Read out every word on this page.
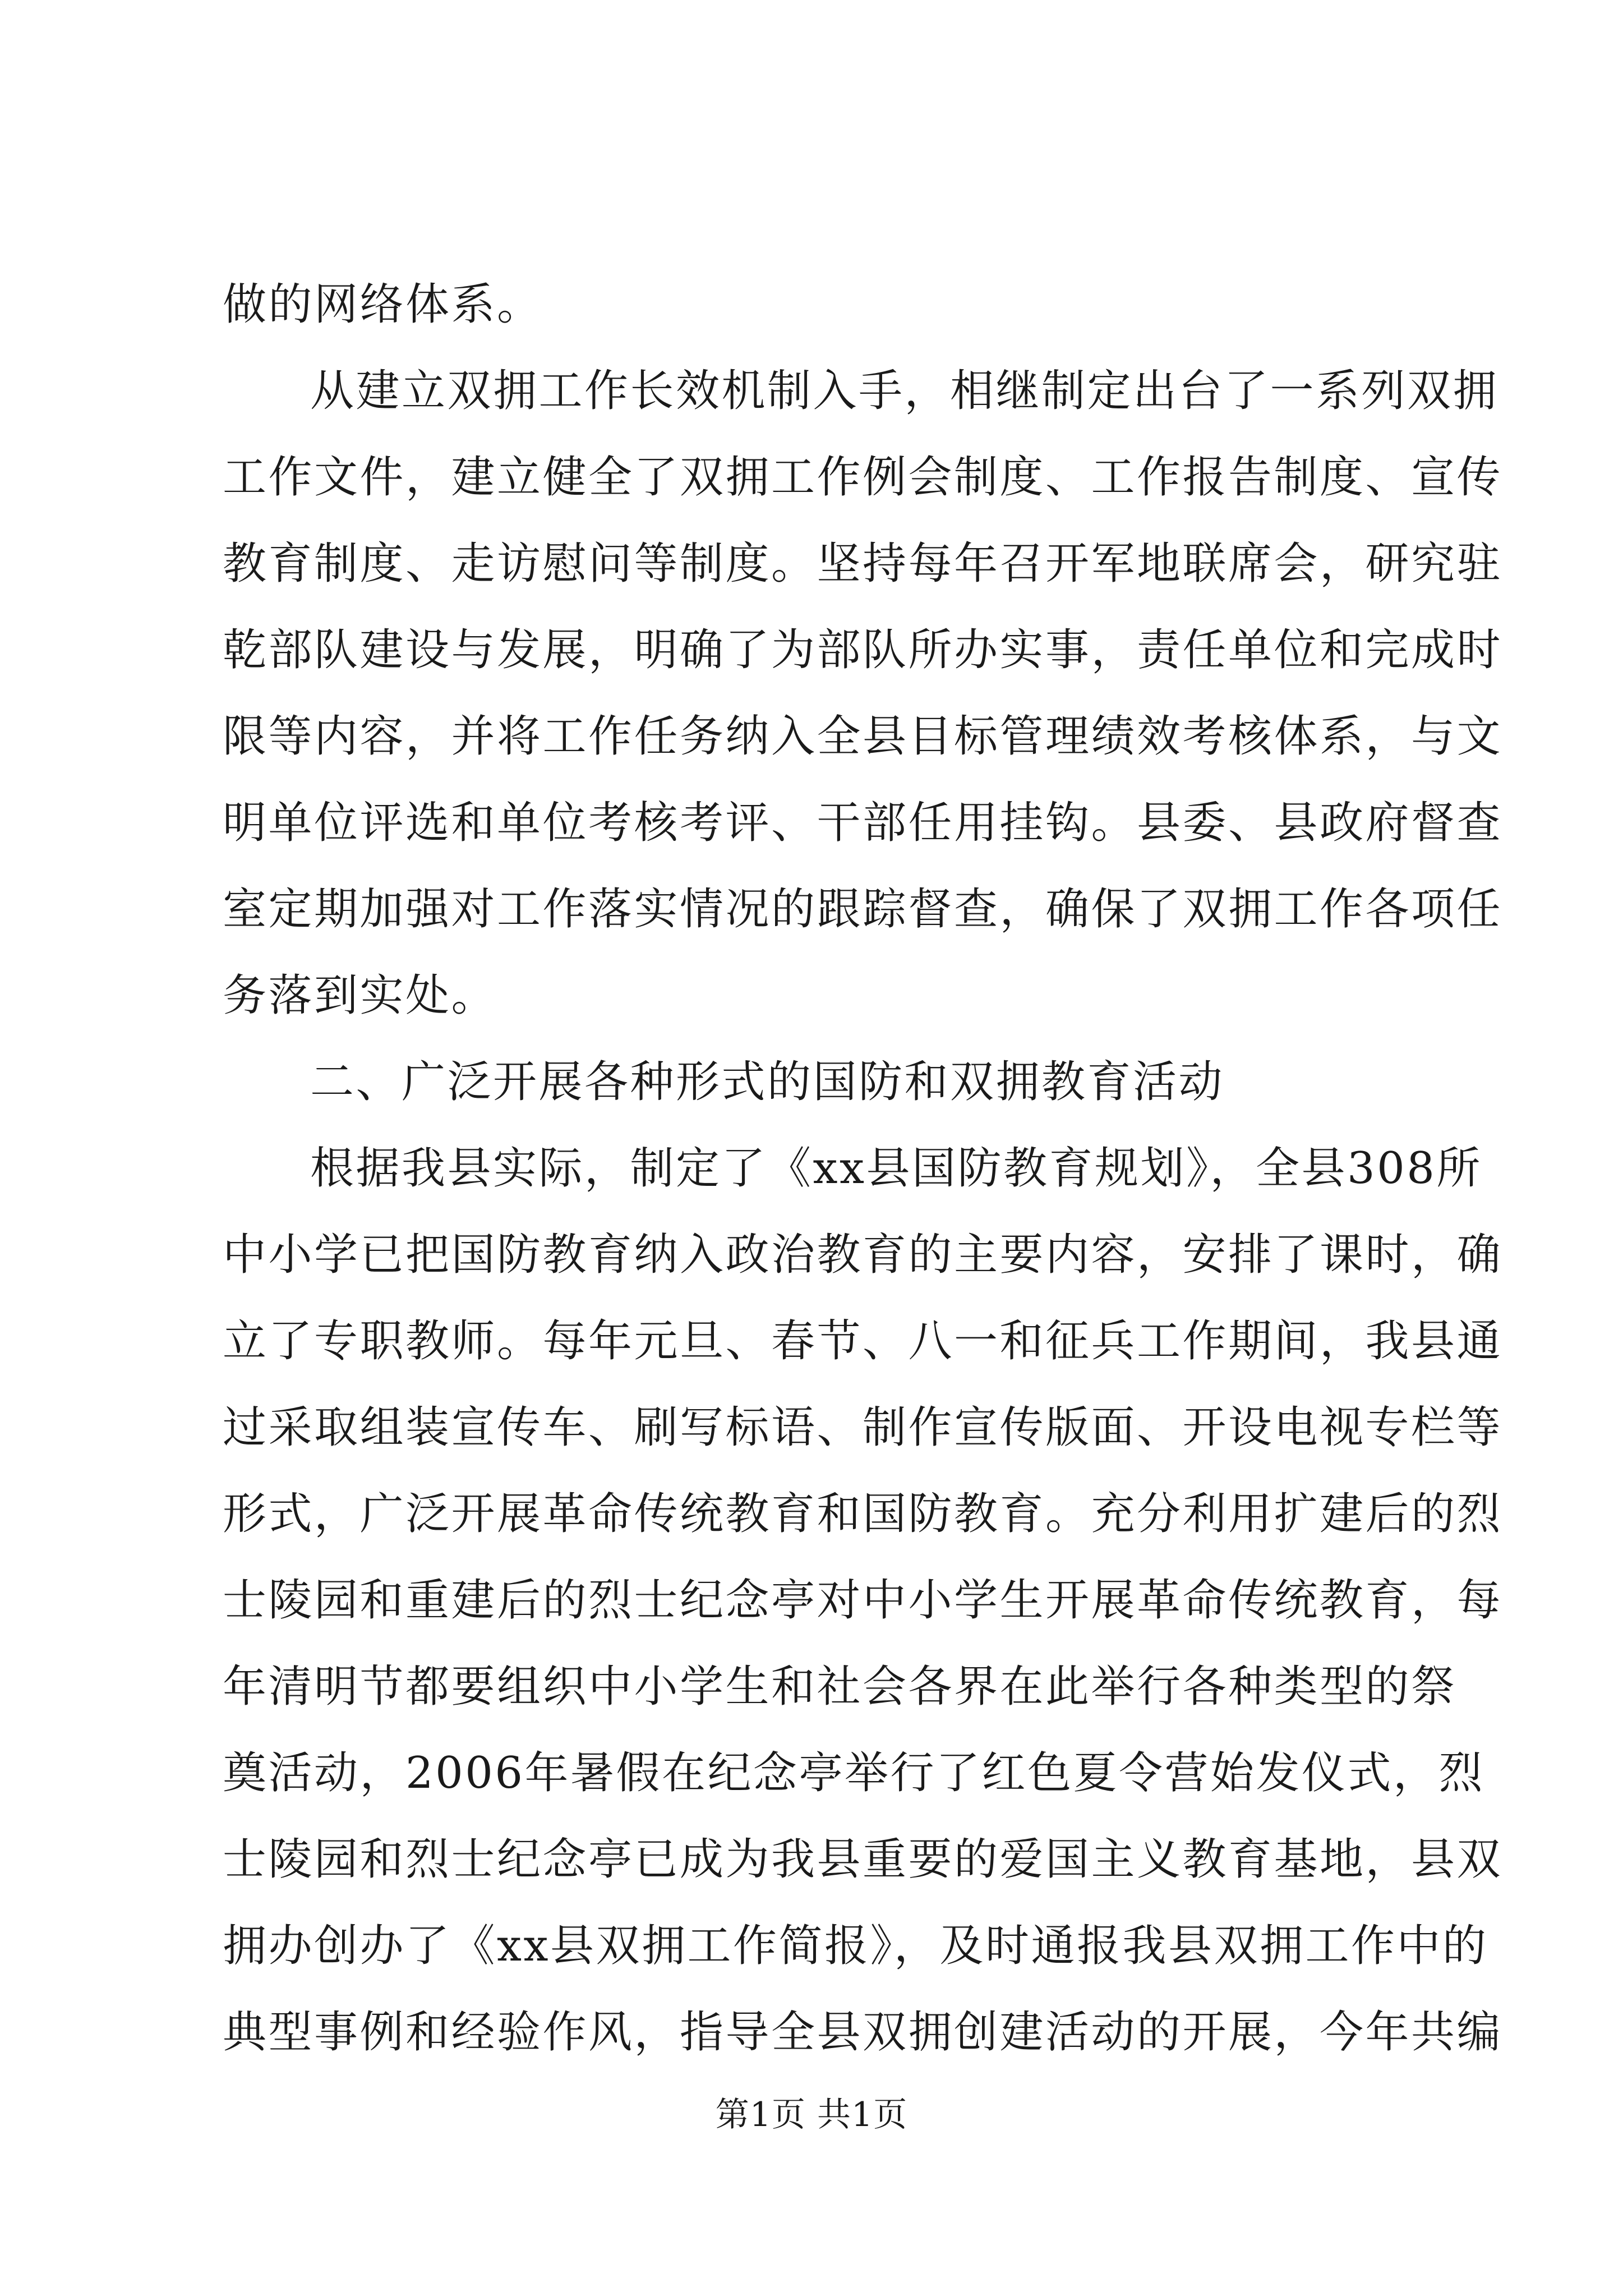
做的网络体系。
从建立双拥工作长效机制入手，相继制定出台了一系列双拥
工作文件，建立健全了双拥工作例会制度、工作报告制度、宣传
教育制度、走访慰问等制度。坚持每年召开军地联席会，研究驻
乾部队建设与发展，明确了为部队所办实事，责任单位和完成时
限等内容，并将工作任务纳入全县目标管理绩效考核体系，与文
明单位评选和单位考核考评、干部任用挂钩。县委、县政府督查
室定期加强对工作落实情况的跟踪督查，确保了双拥工作各项任
务落到实处。
二、广泛开展各种形式的国防和双拥教育活动
根据我县实际，制定了《xx县国防教育规划》，全县308所
中小学已把国防教育纳入政治教育的主要内容，安排了课时，确
立了专职教师。每年元旦、春节、八一和征兵工作期间，我县通
过采取组装宣传车、刷写标语、制作宣传版面、开设电视专栏等
形式，广泛开展革命传统教育和国防教育。充分利用扩建后的烈
士陵园和重建后的烈士纪念亭对中小学生开展革命传统教育，每
年清明节都要组织中小学生和社会各界在此举行各种类型的祭
奠活动，2006年暑假在纪念亭举行了红色夏令营始发仪式，烈
士陵园和烈士纪念亭已成为我县重要的爱国主义教育基地，县双
拥办创办了《xx县双拥工作简报》，及时通报我县双拥工作中的
典型事例和经验作风，指导全县双拥创建活动的开展，今年共编
第1页 共1页
